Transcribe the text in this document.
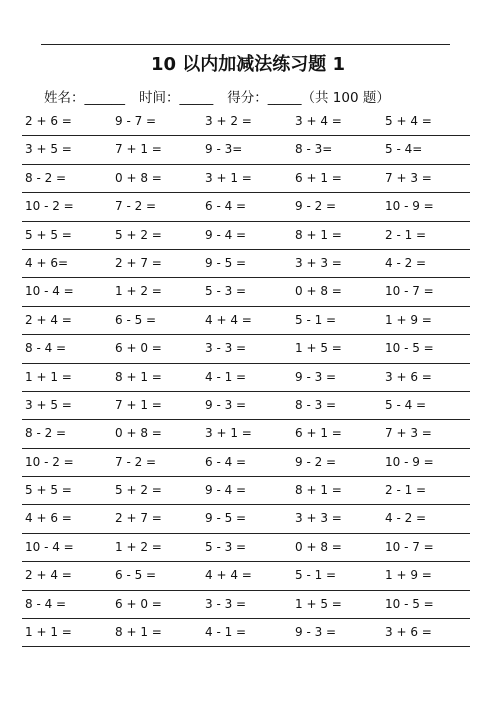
10 以内加减法练习题 1
姓名：______ 时间：_____ 得分：_____（共 100 题）
2 + 6 =	9 - 7 =	3 + 2 =	3 + 4 =	5 + 4 =
3 + 5 =	7 + 1 =	9 - 3=	8 - 3=	5 - 4=
8 - 2 =	0 + 8 =	3 + 1 =	6 + 1 =	7 + 3 =
10 - 2 =	7 - 2 =	6 - 4 =	9 - 2 =	10 - 9 =
5 + 5 =	5 + 2 =	9 - 4 =	8 + 1 =	2 - 1 =
4 + 6=	2 + 7 =	9 - 5 =	3 + 3 =	4 - 2 =
10 - 4 =	1 + 2 =	5 - 3 =	0 + 8 =	10 - 7 =
2 + 4 =	6 - 5 =	4 + 4 =	5 - 1 =	1 + 9 =
8 - 4 =	6 + 0 =	3 - 3 =	1 + 5 =	10 - 5 =
1 + 1 =	8 + 1 =	4 - 1 =	9 - 3 =	3 + 6 =
3 + 5 =	7 + 1 =	9 - 3 =	8 - 3 =	5 - 4 =
8 - 2 =	0 + 8 =	3 + 1 =	6 + 1 =	7 + 3 =
10 - 2 =	7 - 2 =	6 - 4 =	9 - 2 =	10 - 9 =
5 + 5 =	5 + 2 =	9 - 4 =	8 + 1 =	2 - 1 =
4 + 6 =	2 + 7 =	9 - 5 =	3 + 3 =	4 - 2 =
10 - 4 =	1 + 2 =	5 - 3 =	0 + 8 =	10 - 7 =
2 + 4 =	6 - 5 =	4 + 4 =	5 - 1 =	1 + 9 =
8 - 4 =	6 + 0 =	3 - 3 =	1 + 5 =	10 - 5 =
1 + 1 =	8 + 1 =	4 - 1 =	9 - 3 =	3 + 6 =
